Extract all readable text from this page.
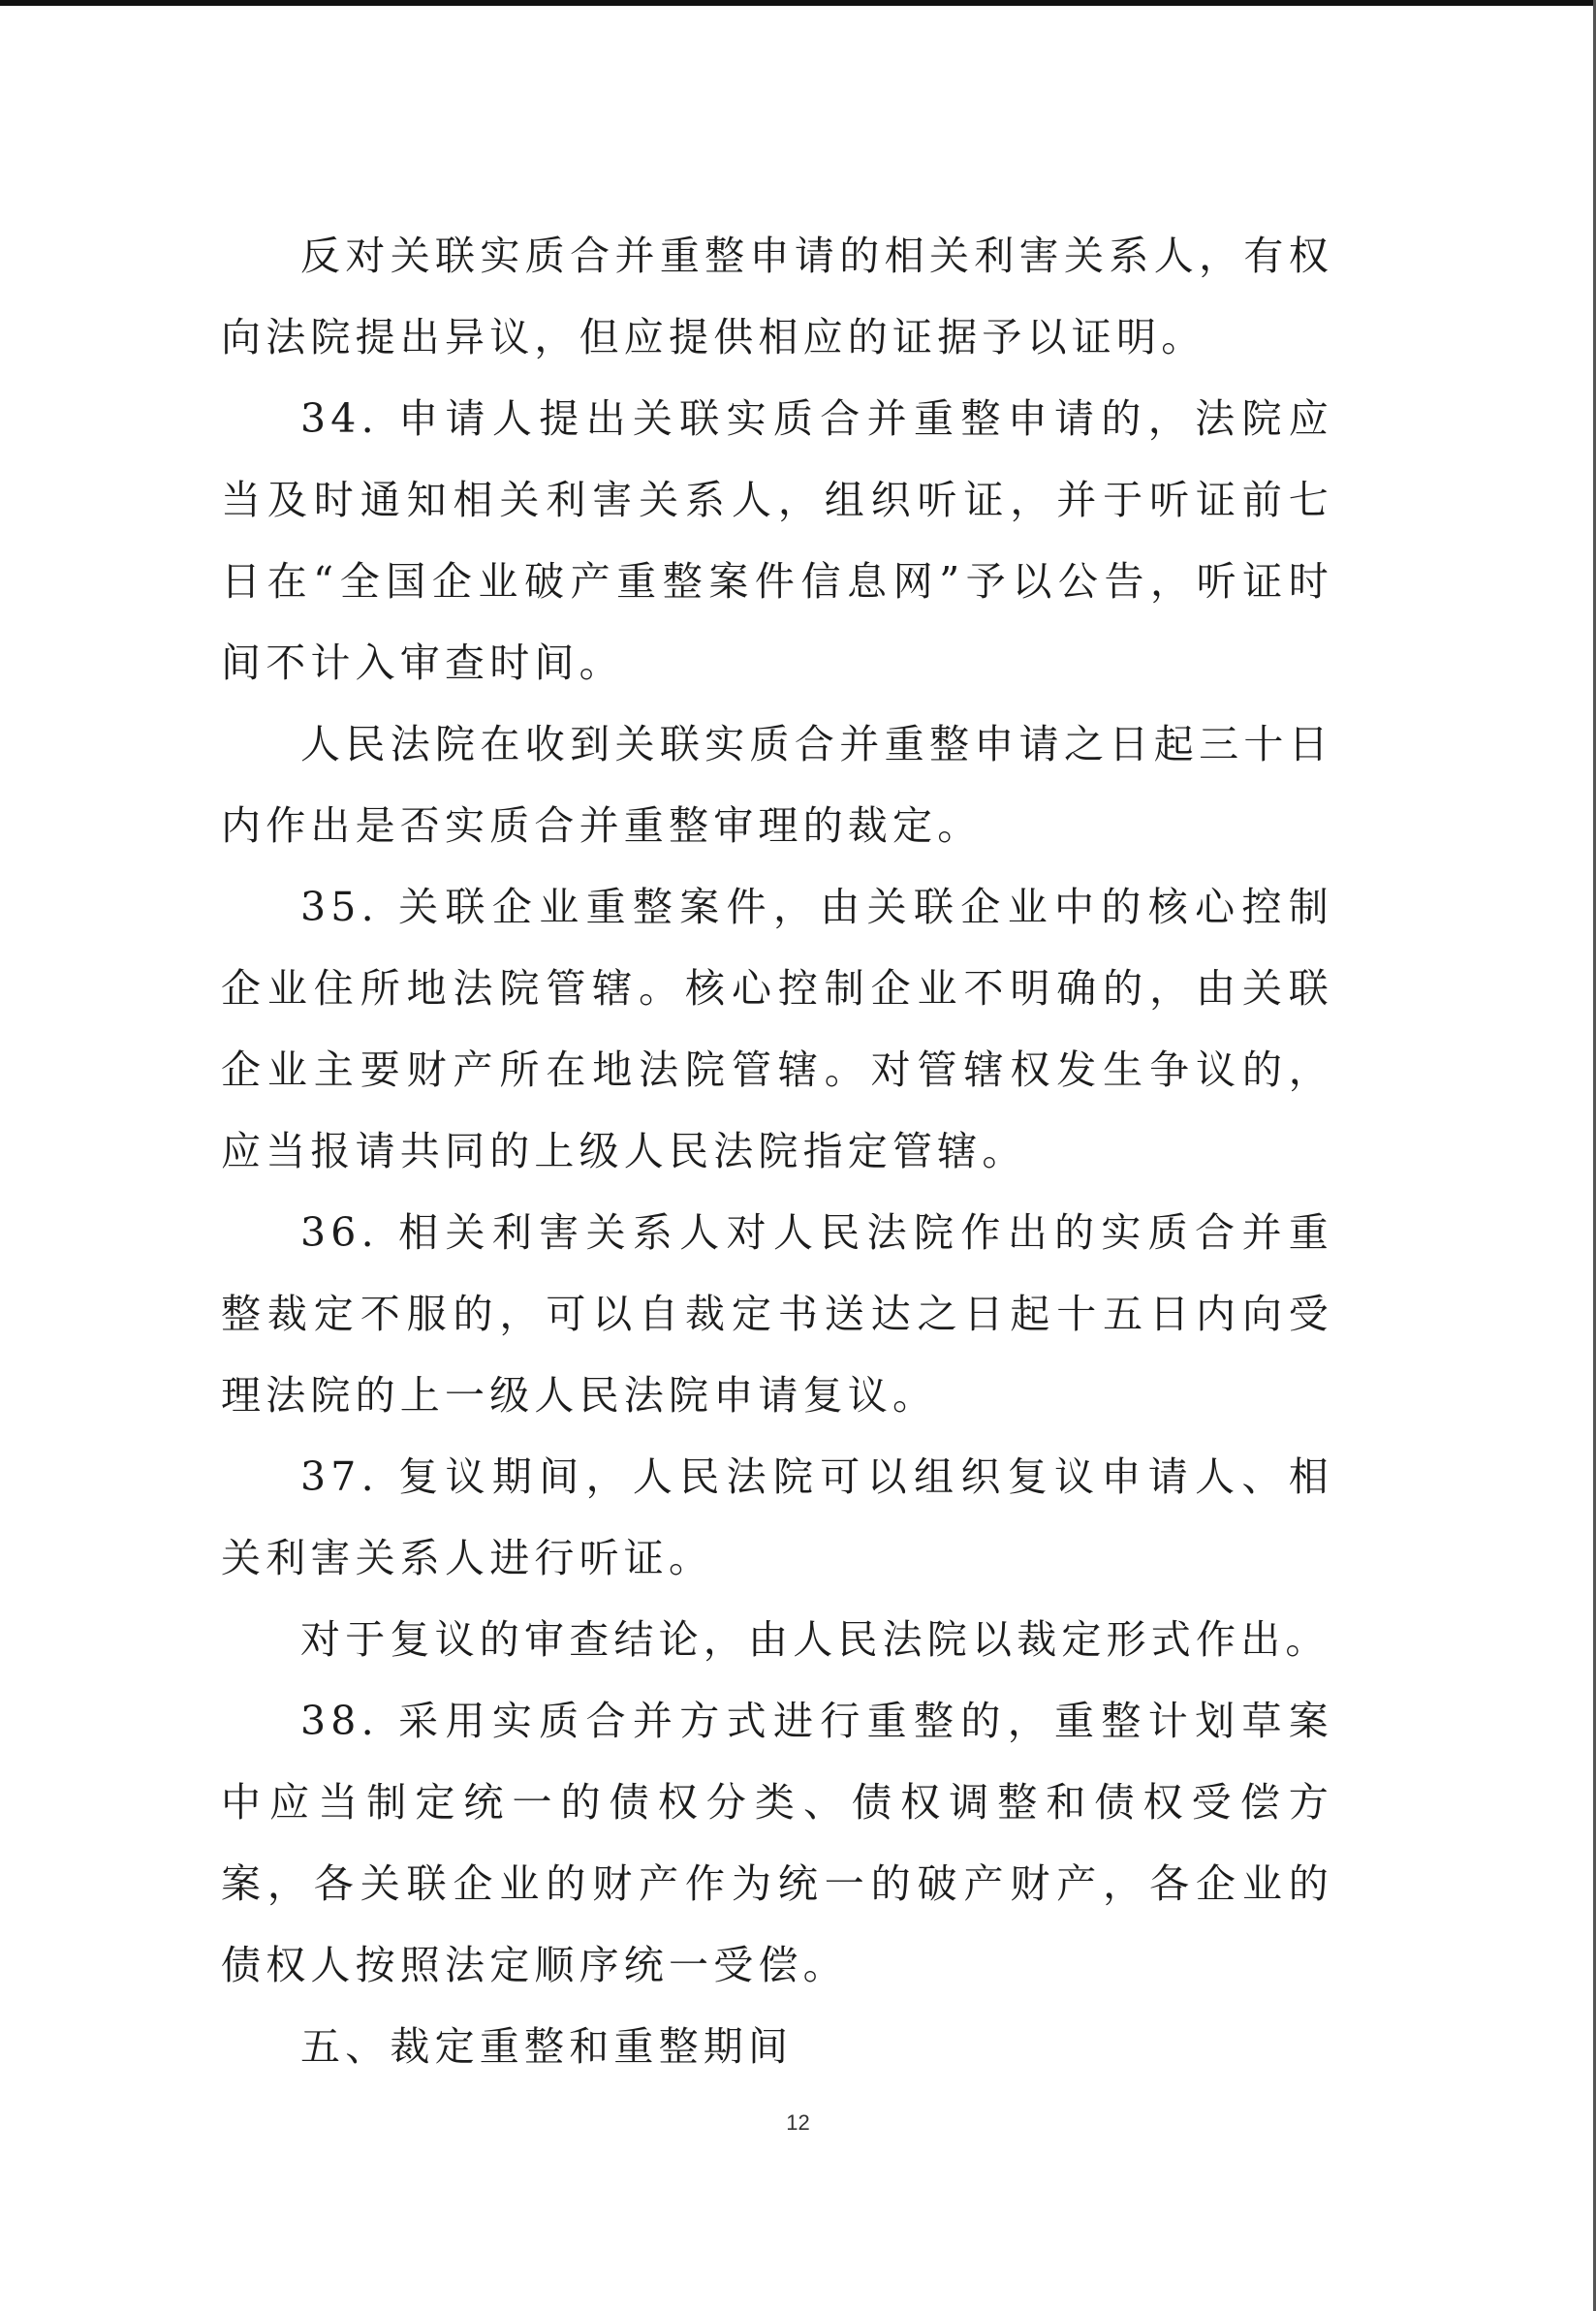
反对关联实质合并重整申请的相关利害关系人，有权向法院提出异议，但应提供相应的证据予以证明。

34. 申请人提出关联实质合并重整申请的，法院应当及时通知相关利害关系人，组织听证，并于听证前七日在“全国企业破产重整案件信息网”予以公告，听证时间不计入审查时间。

人民法院在收到关联实质合并重整申请之日起三十日内作出是否实质合并重整审理的裁定。

35. 关联企业重整案件，由关联企业中的核心控制企业住所地法院管辖。核心控制企业不明确的，由关联企业主要财产所在地法院管辖。对管辖权发生争议的，应当报请共同的上级人民法院指定管辖。

36. 相关利害关系人对人民法院作出的实质合并重整裁定不服的，可以自裁定书送达之日起十五日内向受理法院的上一级人民法院申请复议。

37. 复议期间，人民法院可以组织复议申请人、相关利害关系人进行听证。

对于复议的审查结论，由人民法院以裁定形式作出。

38. 采用实质合并方式进行重整的，重整计划草案中应当制定统一的债权分类、债权调整和债权受偿方案，各关联企业的财产作为统一的破产财产，各企业的债权人按照法定顺序统一受偿。

五、裁定重整和重整期间

12
